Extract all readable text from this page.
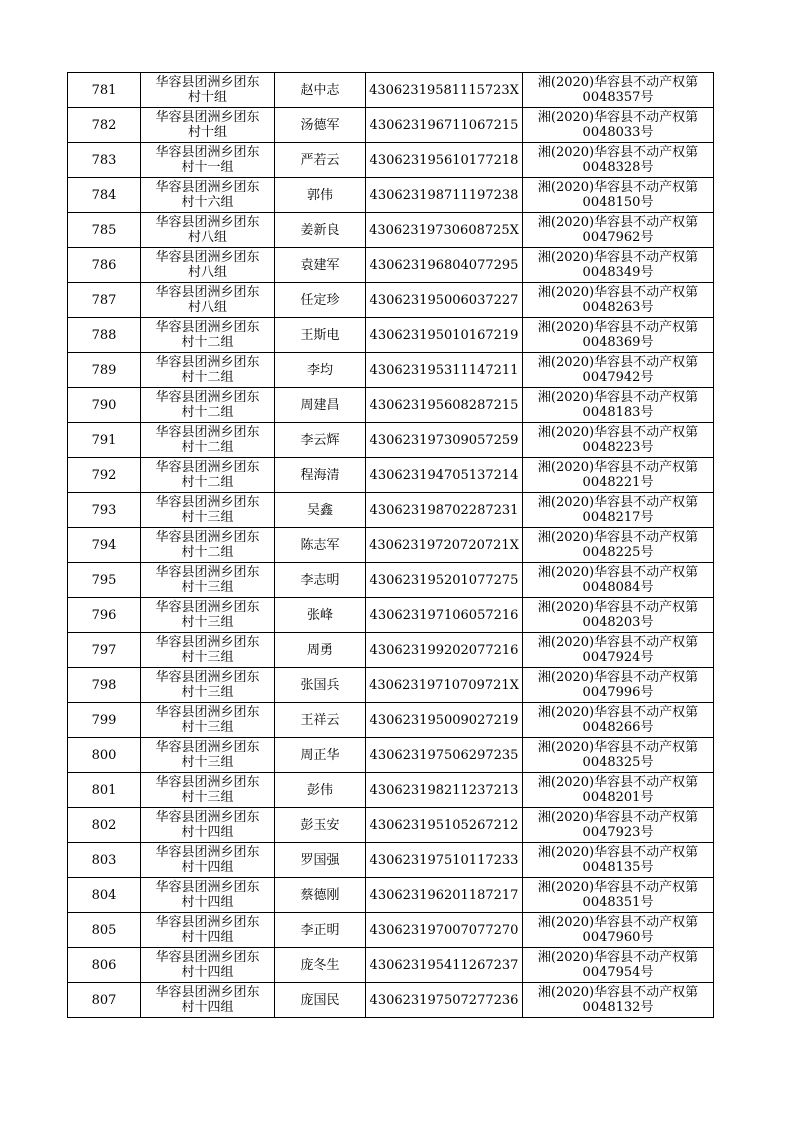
781	华容县团洲乡团东
村十组	赵中志	43062319581115723X	湘(2020)华容县不动产权第
0048357号

782	华容县团洲乡团东
村十组	汤德军	430623196711067215	湘(2020)华容县不动产权第
0048033号

783	华容县团洲乡团东
村十一组	严若云	430623195610177218	湘(2020)华容县不动产权第
0048328号

784	华容县团洲乡团东
村十六组	郭伟	430623198711197238	湘(2020)华容县不动产权第
0048150号

785	华容县团洲乡团东
村八组	姜新良	43062319730608725X	湘(2020)华容县不动产权第
0047962号

786	华容县团洲乡团东
村八组	袁建军	430623196804077295	湘(2020)华容县不动产权第
0048349号

787	华容县团洲乡团东
村八组	任定珍	430623195006037227	湘(2020)华容县不动产权第
0048263号

788	华容县团洲乡团东
村十二组	王斯电	430623195010167219	湘(2020)华容县不动产权第
0048369号

789	华容县团洲乡团东
村十二组	李均	430623195311147211	湘(2020)华容县不动产权第
0047942号

790	华容县团洲乡团东
村十二组	周建昌	430623195608287215	湘(2020)华容县不动产权第
0048183号

791	华容县团洲乡团东
村十二组	李云辉	430623197309057259	湘(2020)华容县不动产权第
0048223号

792	华容县团洲乡团东
村十二组	程海清	430623194705137214	湘(2020)华容县不动产权第
0048221号

793	华容县团洲乡团东
村十三组	吴鑫	430623198702287231	湘(2020)华容县不动产权第
0048217号

794	华容县团洲乡团东
村十二组	陈志军	43062319720720721X	湘(2020)华容县不动产权第
0048225号

795	华容县团洲乡团东
村十三组	李志明	430623195201077275	湘(2020)华容县不动产权第
0048084号

796	华容县团洲乡团东
村十三组	张峰	430623197106057216	湘(2020)华容县不动产权第
0048203号

797	华容县团洲乡团东
村十三组	周勇	430623199202077216	湘(2020)华容县不动产权第
0047924号

798	华容县团洲乡团东
村十三组	张国兵	43062319710709721X	湘(2020)华容县不动产权第
0047996号

799	华容县团洲乡团东
村十三组	王祥云	430623195009027219	湘(2020)华容县不动产权第
0048266号

800	华容县团洲乡团东
村十三组	周正华	430623197506297235	湘(2020)华容县不动产权第
0048325号

801	华容县团洲乡团东
村十三组	彭伟	430623198211237213	湘(2020)华容县不动产权第
0048201号

802	华容县团洲乡团东
村十四组	彭玉安	430623195105267212	湘(2020)华容县不动产权第
0047923号

803	华容县团洲乡团东
村十四组	罗国强	430623197510117233	湘(2020)华容县不动产权第
0048135号

804	华容县团洲乡团东
村十四组	蔡德刚	430623196201187217	湘(2020)华容县不动产权第
0048351号

805	华容县团洲乡团东
村十四组	李正明	430623197007077270	湘(2020)华容县不动产权第
0047960号

806	华容县团洲乡团东
村十四组	庞冬生	430623195411267237	湘(2020)华容县不动产权第
0047954号

807	华容县团洲乡团东
村十四组	庞国民	430623197507277236	湘(2020)华容县不动产权第
0048132号
